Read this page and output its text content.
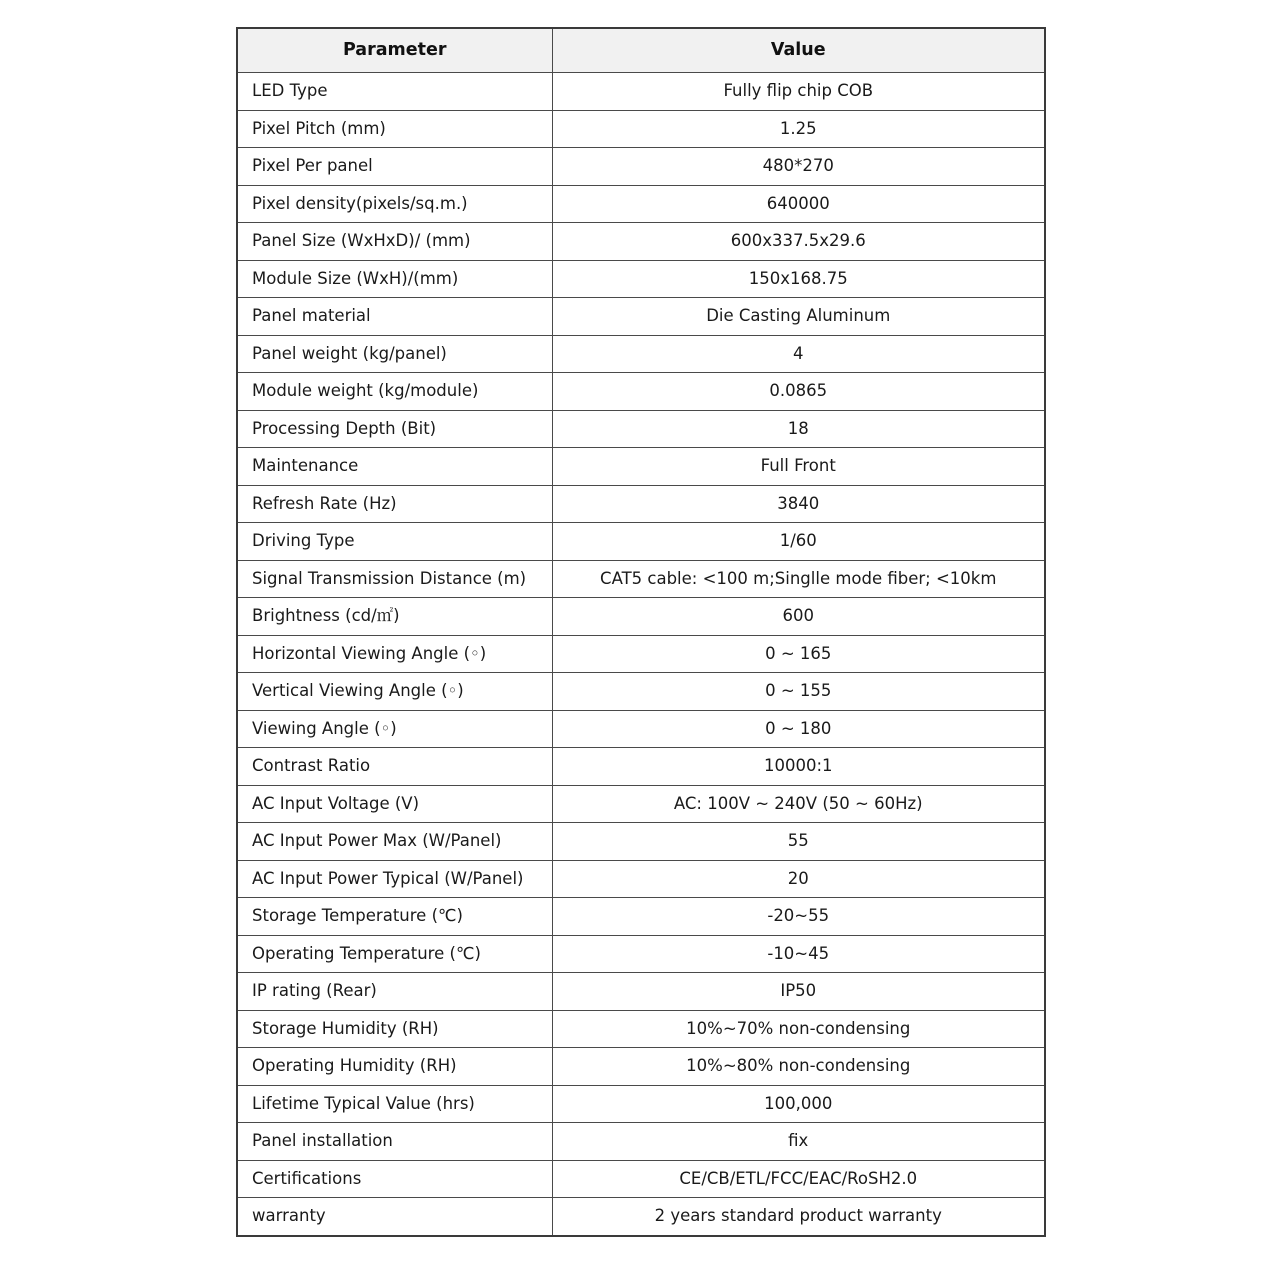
Parameter	Value
LED Type	Fully flip chip COB
Pixel Pitch (mm)	1.25
Pixel Per panel	480*270
Pixel density(pixels/sq.m.)	640000
Panel Size (WxHxD)/ (mm)	600x337.5x29.6
Module Size (WxH)/(mm)	150x168.75
Panel material	Die Casting Aluminum
Panel weight (kg/panel)	4
Module weight (kg/module)	0.0865
Processing Depth (Bit)	18
Maintenance	Full Front
Refresh Rate (Hz)	3840
Driving Type	1/60
Signal Transmission Distance (m)	CAT5 cable: <100 m;Singlle mode fiber; <10km
Brightness (cd/㎡)	600
Horizontal Viewing Angle (◦)	0 ~ 165
Vertical Viewing Angle (◦)	0 ~ 155
Viewing Angle (◦)	0 ~ 180
Contrast Ratio	10000:1
AC Input Voltage (V)	AC: 100V ~ 240V (50 ~ 60Hz)
AC Input Power Max (W/Panel)	55
AC Input Power Typical (W/Panel)	20
Storage Temperature (℃)	-20~55
Operating Temperature (℃)	-10~45
IP rating (Rear)	IP50
Storage Humidity (RH)	10%~70% non-condensing
Operating Humidity (RH)	10%~80% non-condensing
Lifetime Typical Value (hrs)	100,000
Panel installation	fix
Certifications	CE/CB/ETL/FCC/EAC/RoSH2.0
warranty	2 years standard product warranty
